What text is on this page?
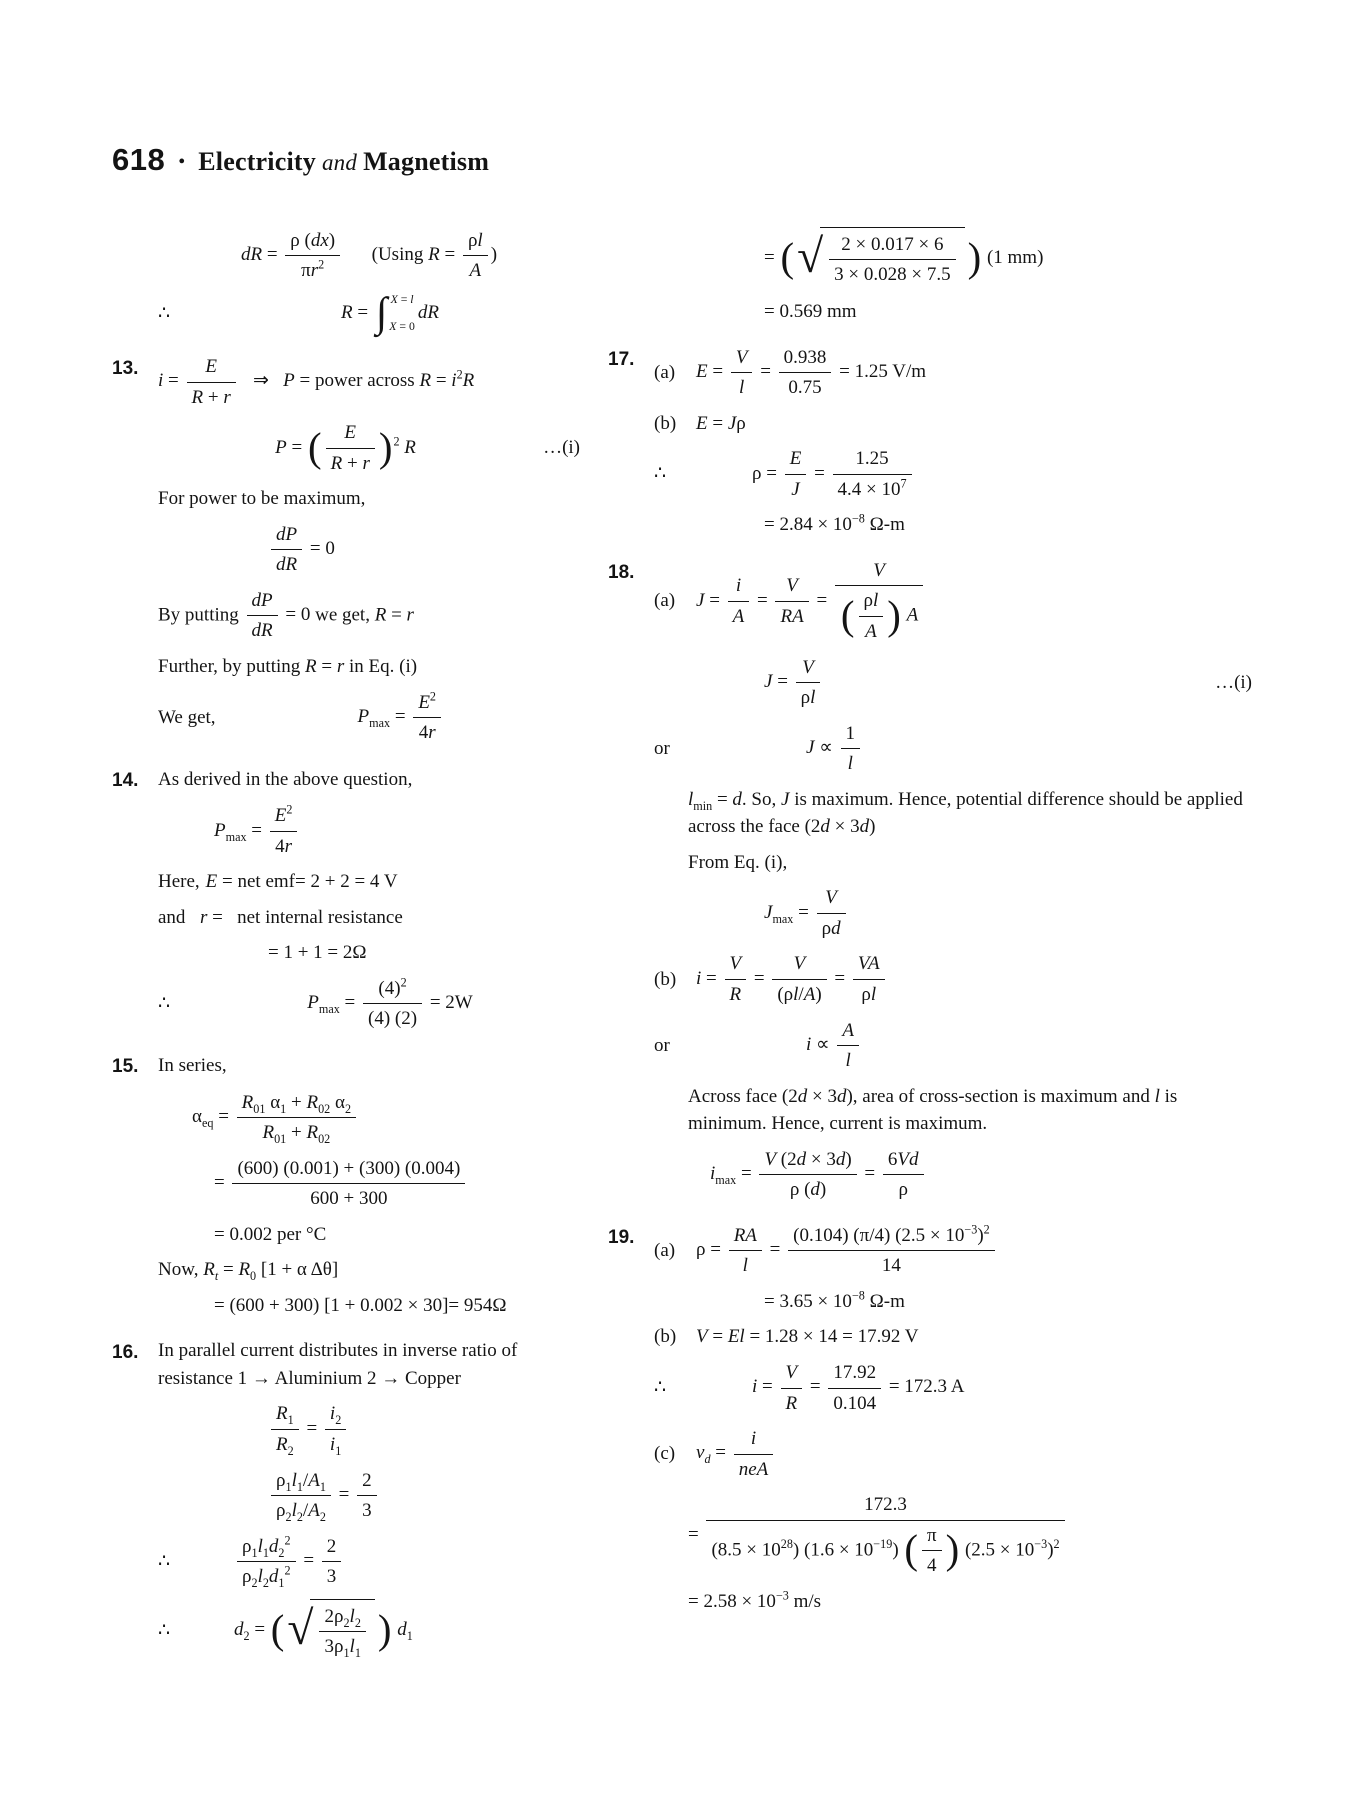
618 • Electricity and Magnetism
dR = $\frac{\rho (dx)}{\pi r^2} (Using$ $R = \frac{\rho l}{A}$ )
∴	R = ∫ X = l
X = 0
dR
13.
$i = \frac{E}{R + r}$ ⇒   P = power across $R = i^2R$
P = ( $\frac{E}{R + r}$ ) $^2$ R	…(i)
For power to be maximum,
$\frac{dP}{dR} = 0$
By putting $\frac{dP}{dR} = 0$ we get, R = r
Further, by putting R = r in Eq. (i)
We get,	$P_{max} = \frac{E^2}{4r}$
14.	As derived in the above question,
$P_{max} = \frac{E^2}{4r}$
Here, E = net emf= 2 + 2 = 4 V
and r =   net internal resistance
= 1 + 1 = 2Ω
∴	$P_{max} = \frac{(4)^2}{(4) (2)} = 2W$
15.	In series,
$\alpha_{eq} = \frac{R_{01} \alpha_1 + R_{02} \alpha_2}{R_{01} + R_{02}}$
= $\frac{(600) (0.001) + (300) (0.004)}{600 + 300}$
= 0.002 per °C
Now, $R_t = R_0$ [1 + α Δθ]
= (600 + 300) [1 + 0.002 × 30]= 954Ω
16.	In parallel current distributes in inverse ratio of resistance 1 → Aluminium 2 → Copper
$\frac{R_1}{R_2} = \frac{i_2}{i_1}$
$\frac{\rho_1l_1/A_1}{\rho_2l_2/A_2} = \frac{2}{3}$
∴	$\frac{\rho_1l_1d_2^2}{\rho_2l_2d_1^2} = \frac{2}{3}$
∴	$d_2$ = ( √ $\frac{2\rho_2l_2}{3\rho_1l_1}$ ) $d_1$
= ( √ $\frac{2 \times 0.017 \times 6}{3 \times 0.028 \times 7.5}$ ) (1 mm)
= 0.569 mm
17.
(a)	$E = \frac{V}{l} = \frac{0.938}{0.75} = 1.25$ V/m
(b)	E = Jρ
∴	$\rho = \frac{E}{J} = \frac{1.25}{4.4 \times 10^7}$
= $2.84 \times 10^{-8}$ Ω-m
18.
(a)	$J = \frac{i}{A} = \frac{V}{RA} = \frac{V}{( \frac{\rho l}{A} ) A}$
$J = \frac{V}{\rho l}$	…(i)
or	$J \propto \frac{1}{l}$
$l_{min} = d$. So, J is maximum. Hence, potential difference should be applied across the face (2d × 3d)
From Eq. (i),
$J_{max} = \frac{V}{\rho d}$
(b)	$i = \frac{V}{R} = \frac{V}{(\rho l/A)} = \frac{VA}{\rho l}$
or	$i \propto \frac{A}{l}$
Across face (2d × 3d), area of cross-section is maximum and l is minimum. Hence, current is maximum.
$i_{max} = \frac{V (2d \times 3d)}{\rho (d)} = \frac{6Vd}{\rho}$
19.
(a)	$\rho = \frac{RA}{l} = \frac{(0.104) (\pi/4) (2.5 \times 10^{-3})^2}{14}$
= $3.65 \times 10^{-8}$ Ω-m
(b)	V = El = 1.28 × 14 = 17.92 V
∴	$i = \frac{V}{R} = \frac{17.92}{0.104} = 172.3$ A
(c)	$v_d = \frac{i}{\text{neA}}$
= $\frac{172.3}{(8.5 \times 10^{28}) (1.6 \times 10^{-19}) ( \frac{\pi}{4} ) (2.5 \times 10^{-3})^2}$
= $2.58 \times 10^{-3}$ m/s
